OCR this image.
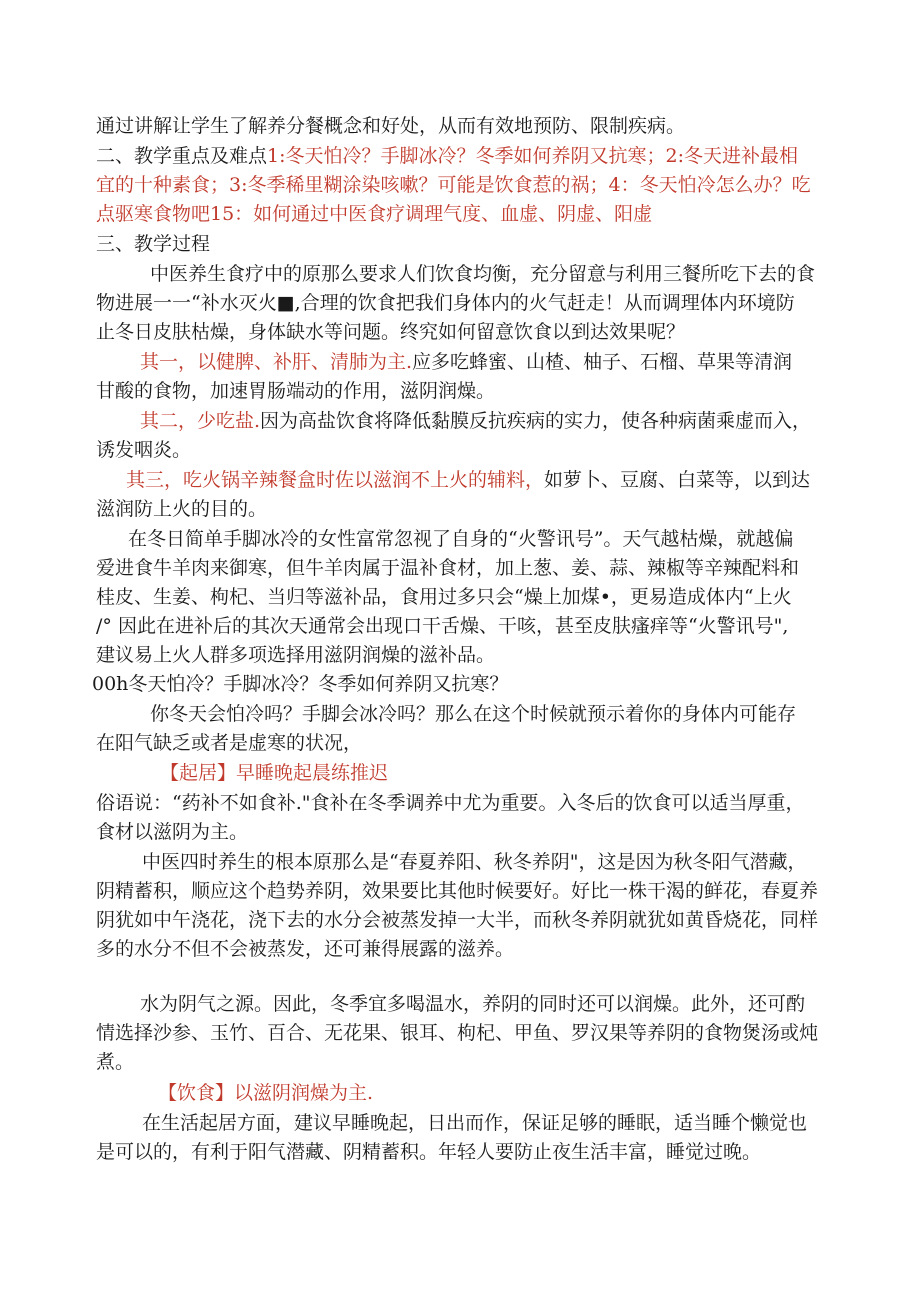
通过讲解让学生了解养分餐概念和好处，从而有效地预防、限制疾病。
二、教学重点及难点1:冬天怕冷？手脚冰冷？冬季如何养阴又抗寒；2:冬天进补最相
宜的十种素食；3:冬季稀里糊涂染咳嗽？可能是饮食惹的祸；4：冬天怕冷怎么办？吃
点驱寒食物吧15：如何通过中医食疗调理气度、血虚、阴虚、阳虚
三、教学过程
中医养生食疗中的原那么要求人们饮食均衡，充分留意与利用三餐所吃下去的食
物进展一一“补水灭火■,合理的饮食把我们身体内的火气赶走！从而调理体内环境防
止冬日皮肤枯燥，身体缺水等问题。终究如何留意饮食以到达效果呢？
其一，以健脾、补肝、清肺为主.应多吃蜂蜜、山楂、柚子、石榴、草果等清润
甘酸的食物，加速胃肠端动的作用，滋阴润燥。
其二，少吃盐.因为高盐饮食将降低黏膜反抗疾病的实力，使各种病菌乘虚而入，
诱发咽炎。
其三，吃火锅辛辣餐盒时佐以滋润不上火的辅料，如萝卜、豆腐、白菜等，以到达
滋润防上火的目的。
在冬日简单手脚冰冷的女性富常忽视了自身的“火警讯号”。天气越枯燥，就越偏
爱进食牛羊肉来御寒，但牛羊肉属于温补食材，加上葱、姜、蒜、辣椒等辛辣配料和
桂皮、生姜、枸杞、当归等滋补品，食用过多只会“燥上加煤•，更易造成体内“上火
/° 因此在进补后的其次天通常会出现口干舌燥、干咳，甚至皮肤瘙痒等“火警讯号",
建议易上火人群多项选择用滋阴润燥的滋补品。
00h冬天怕冷？手脚冰冷？冬季如何养阴又抗寒？
你冬天会怕冷吗？手脚会冰冷吗？那么在这个时候就预示着你的身体内可能存
在阳气缺乏或者是虚寒的状况，
【起居】早睡晚起晨练推迟
俗语说：“药补不如食补."食补在冬季调养中尤为重要。入冬后的饮食可以适当厚重，
食材以滋阴为主。
中医四时养生的根本原那么是“春夏养阳、秋冬养阴"，这是因为秋冬阳气潜藏，
阴精蓄积，顺应这个趋势养阴，效果要比其他时候要好。好比一株干渴的鲜花，春夏养
阴犹如中午浇花，浇下去的水分会被蒸发掉一大半，而秋冬养阴就犹如黄昏烧花，同样
多的水分不但不会被蒸发，还可兼得展露的滋养。
水为阴气之源。因此，冬季宜多喝温水，养阴的同时还可以润燥。此外，还可酌
情选择沙参、玉竹、百合、无花果、银耳、枸杞、甲鱼、罗汉果等养阴的食物煲汤或炖
煮。
【饮食】以滋阴润燥为主.
在生活起居方面，建议早睡晚起，日出而作，保证足够的睡眠，适当睡个懒觉也
是可以的，有利于阳气潜藏、阴精蓄积。年轻人要防止夜生活丰富，睡觉过晚。
